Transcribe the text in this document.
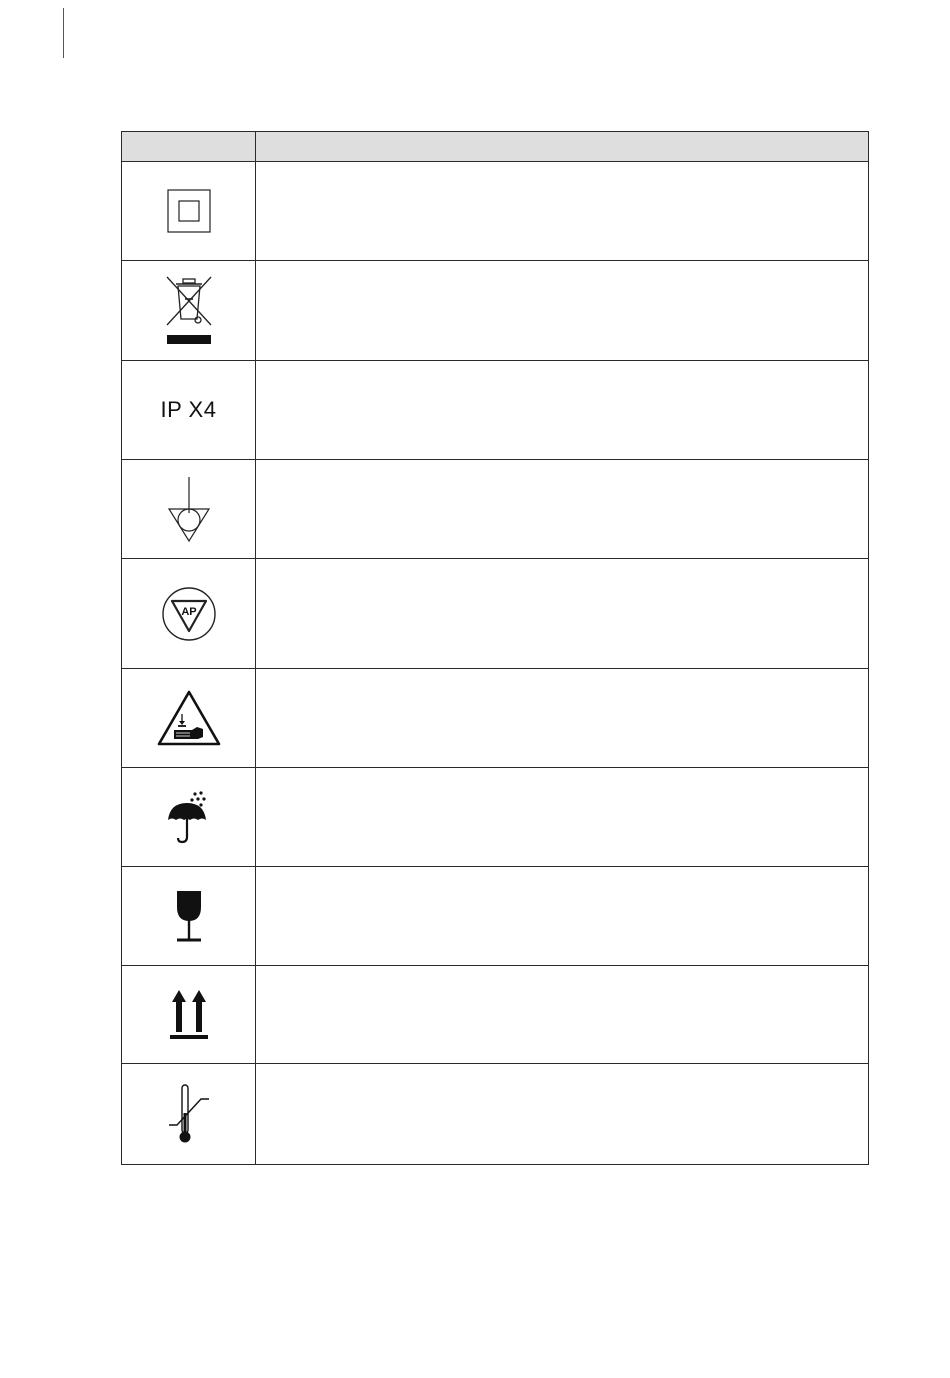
IP X4	

AP	
